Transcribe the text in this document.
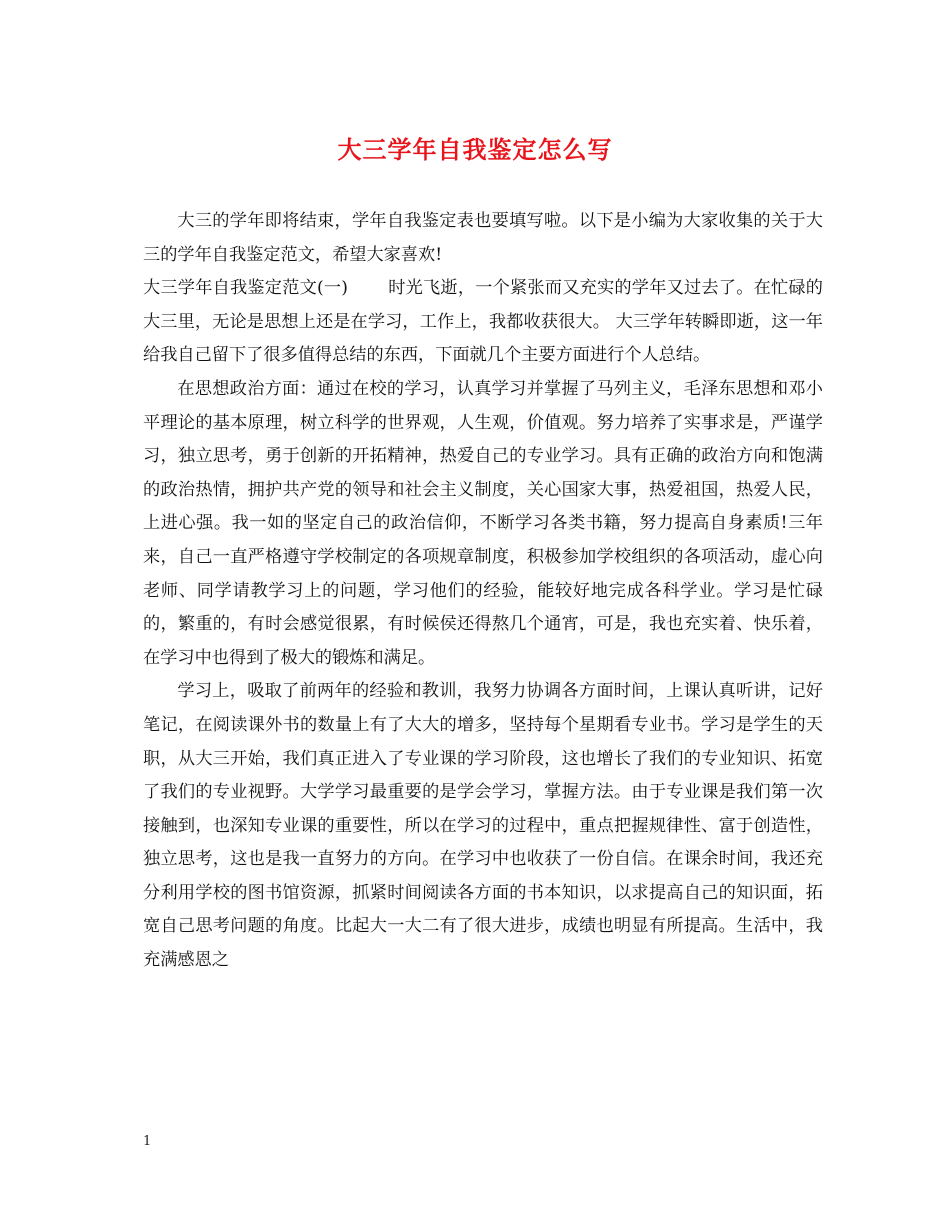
大三学年自我鉴定怎么写

大三的学年即将结束，学年自我鉴定表也要填写啦。以下是小编为大家收集的关于大三的学年自我鉴定范文，希望大家喜欢!

大三学年自我鉴定范文(一) 时光飞逝，一个紧张而又充实的学年又过去了。在忙碌的大三里，无论是思想上还是在学习，工作上，我都收获很大。 大三学年转瞬即逝，这一年给我自己留下了很多值得总结的东西，下面就几个主要方面进行个人总结。

在思想政治方面：通过在校的学习，认真学习并掌握了马列主义，毛泽东思想和邓小平理论的基本原理，树立科学的世界观，人生观，价值观。努力培养了实事求是，严谨学习，独立思考，勇于创新的开拓精神，热爱自己的专业学习。具有正确的政治方向和饱满的政治热情，拥护共产党的领导和社会主义制度，关心国家大事，热爱祖国，热爱人民，上进心强。我一如的坚定自己的政治信仰，不断学习各类书籍，努力提高自身素质!三年来，自己一直严格遵守学校制定的各项规章制度，积极参加学校组织的各项活动，虚心向老师、同学请教学习上的问题，学习他们的经验，能较好地完成各科学业。学习是忙碌的，繁重的，有时会感觉很累，有时候侯还得熬几个通宵，可是，我也充实着、快乐着，在学习中也得到了极大的锻炼和满足。

学习上，吸取了前两年的经验和教训，我努力协调各方面时间，上课认真听讲，记好笔记，在阅读课外书的数量上有了大大的增多，坚持每个星期看专业书。学习是学生的天职，从大三开始，我们真正进入了专业课的学习阶段，这也增长了我们的专业知识、拓宽了我们的专业视野。大学学习最重要的是学会学习，掌握方法。由于专业课是我们第一次接触到，也深知专业课的重要性，所以在学习的过程中，重点把握规律性、富于创造性，独立思考，这也是我一直努力的方向。在学习中也收获了一份自信。在课余时间，我还充分利用学校的图书馆资源，抓紧时间阅读各方面的书本知识，以求提高自己的知识面，拓宽自己思考问题的角度。比起大一大二有了很大进步，成绩也明显有所提高。生活中，我充满感恩之

1
